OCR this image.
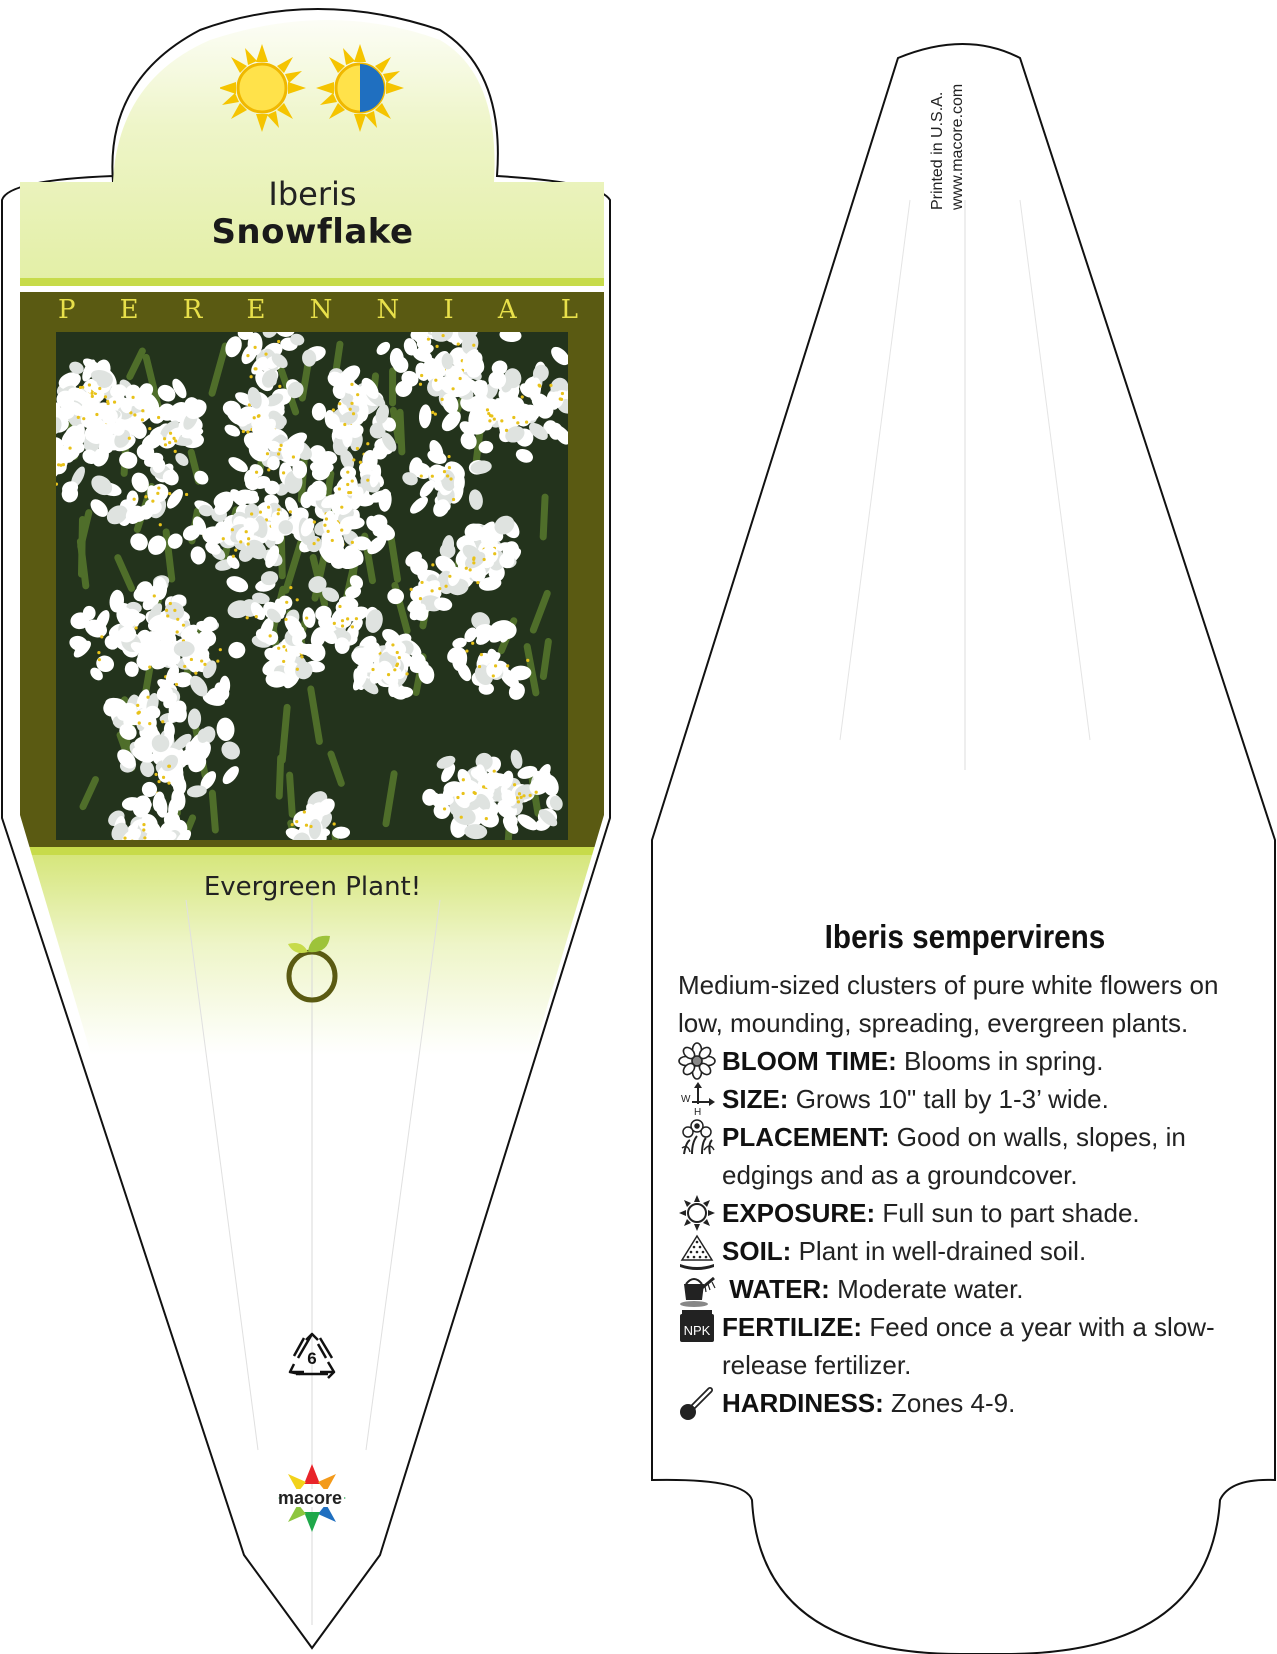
Iberis
Snowflake
P E R E N N I A L
Evergreen Plant!
6
macore
Printed in U.S.A. www.macore.com
Iberis sempervirens

Medium-sized clusters of pure white flowers on low, mounding, spreading, evergreen plants.

BLOOM TIME: Blooms in spring.
W
H SIZE: Grows 10" tall by 1-3’ wide.
PLACEMENT: Good on walls, slopes, in edgings and as a groundcover.
EXPOSURE: Full sun to part shade.
SOIL: Plant in well-drained soil.
WATER: Moderate water.
NPK FERTILIZE: Feed once a year with a slow-release fertilizer.
HARDINESS: Zones 4-9.
